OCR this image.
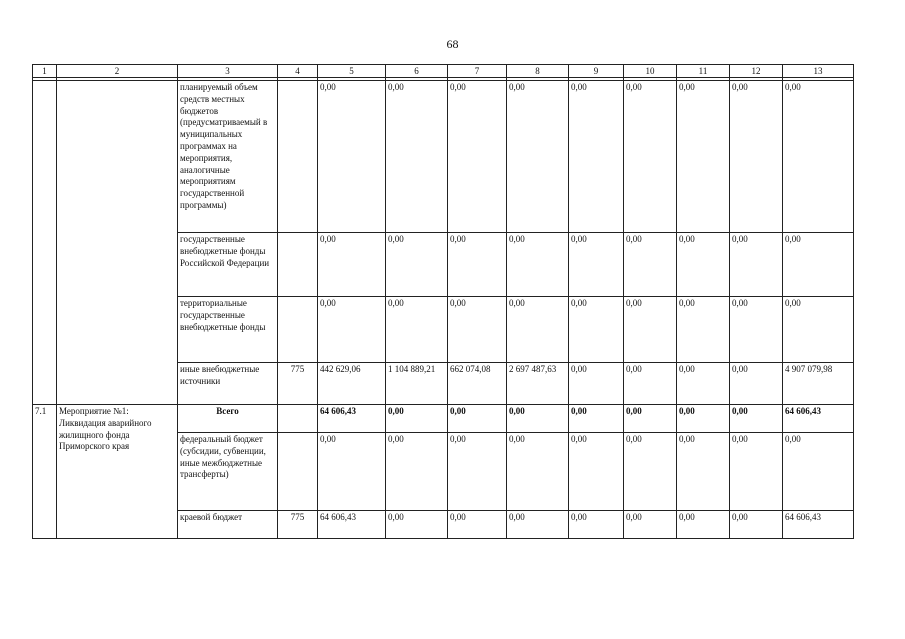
68
1	2	3	4	5	6	7	8	9	10	11	12	13

		планируемый объем средств местных бюджетов (предусматриваемый в муниципальных программах на мероприятия, аналогичные мероприятиям государственной программы)		0,00	0,00	0,00	0,00	0,00	0,00	0,00	0,00	0,00
		государственные внебюджетные фонды Российской Федерации		0,00	0,00	0,00	0,00	0,00	0,00	0,00	0,00	0,00
		территориальные государственные внебюджетные фонды		0,00	0,00	0,00	0,00	0,00	0,00	0,00	0,00	0,00
		иные внебюджетные источники	775	442 629,06	1 104 889,21	662 074,08	2 697 487,63	0,00	0,00	0,00	0,00	4 907 079,98
7.1	Мероприятие №1: Ликвидация аварийного жилищного фонда Приморского края	Всего		64 606,43	0,00	0,00	0,00	0,00	0,00	0,00	0,00	64 606,43
		федеральный бюджет (субсидии, субвенции, иные межбюджетные трансферты)		0,00	0,00	0,00	0,00	0,00	0,00	0,00	0,00	0,00
		краевой бюджет	775	64 606,43	0,00	0,00	0,00	0,00	0,00	0,00	0,00	64 606,43
